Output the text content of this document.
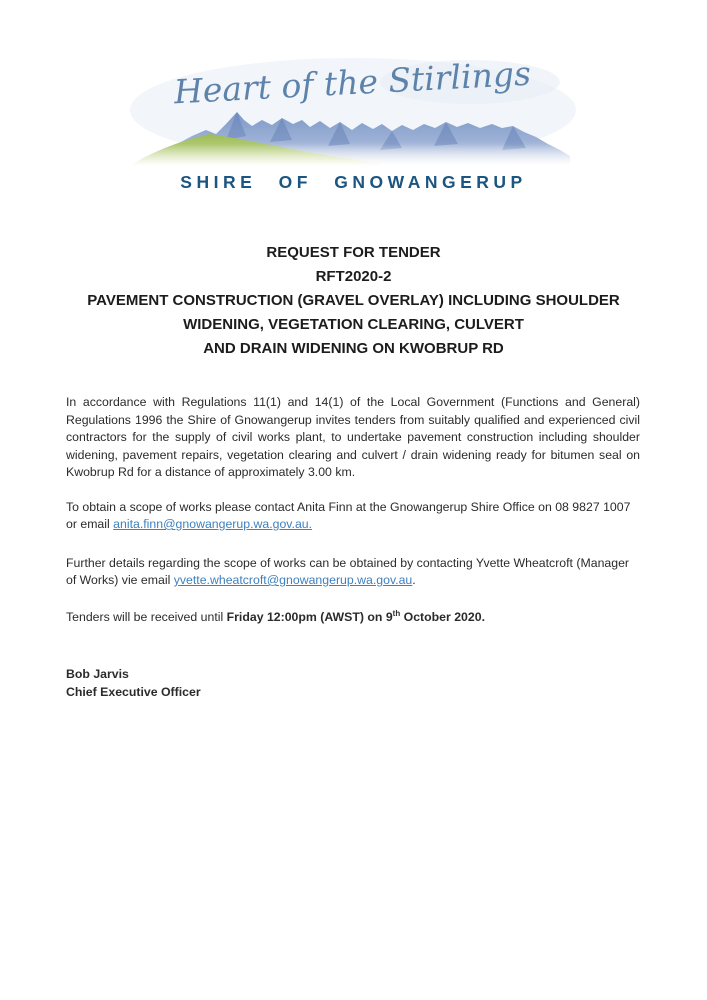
Heart of the Stirlings
SHIRE OF GNOWANGERUP
REQUEST FOR TENDER
RFT2020-2
PAVEMENT CONSTRUCTION (GRAVEL OVERLAY) INCLUDING SHOULDER
WIDENING, VEGETATION CLEARING, CULVERT
AND DRAIN WIDENING ON KWOBRUP RD

In accordance with Regulations 11(1) and 14(1) of the Local Government (Functions and General) Regulations 1996 the Shire of Gnowangerup invites tenders from suitably qualified and experienced civil contractors for the supply of civil works plant, to undertake pavement construction including shoulder widening, pavement repairs, vegetation clearing and culvert / drain widening ready for bitumen seal on Kwobrup Rd for a distance of approximately 3.00 km.

To obtain a scope of works please contact Anita Finn at the Gnowangerup Shire Office on 08 9827 1007 or email anita.finn@gnowangerup.wa.gov.au.

Further details regarding the scope of works can be obtained by contacting Yvette Wheatcroft (Manager of Works) vie email yvette.wheatcroft@gnowangerup.wa.gov.au.

Tenders will be received until Friday 12:00pm (AWST) on 9th October 2020.

Bob Jarvis
Chief Executive Officer
